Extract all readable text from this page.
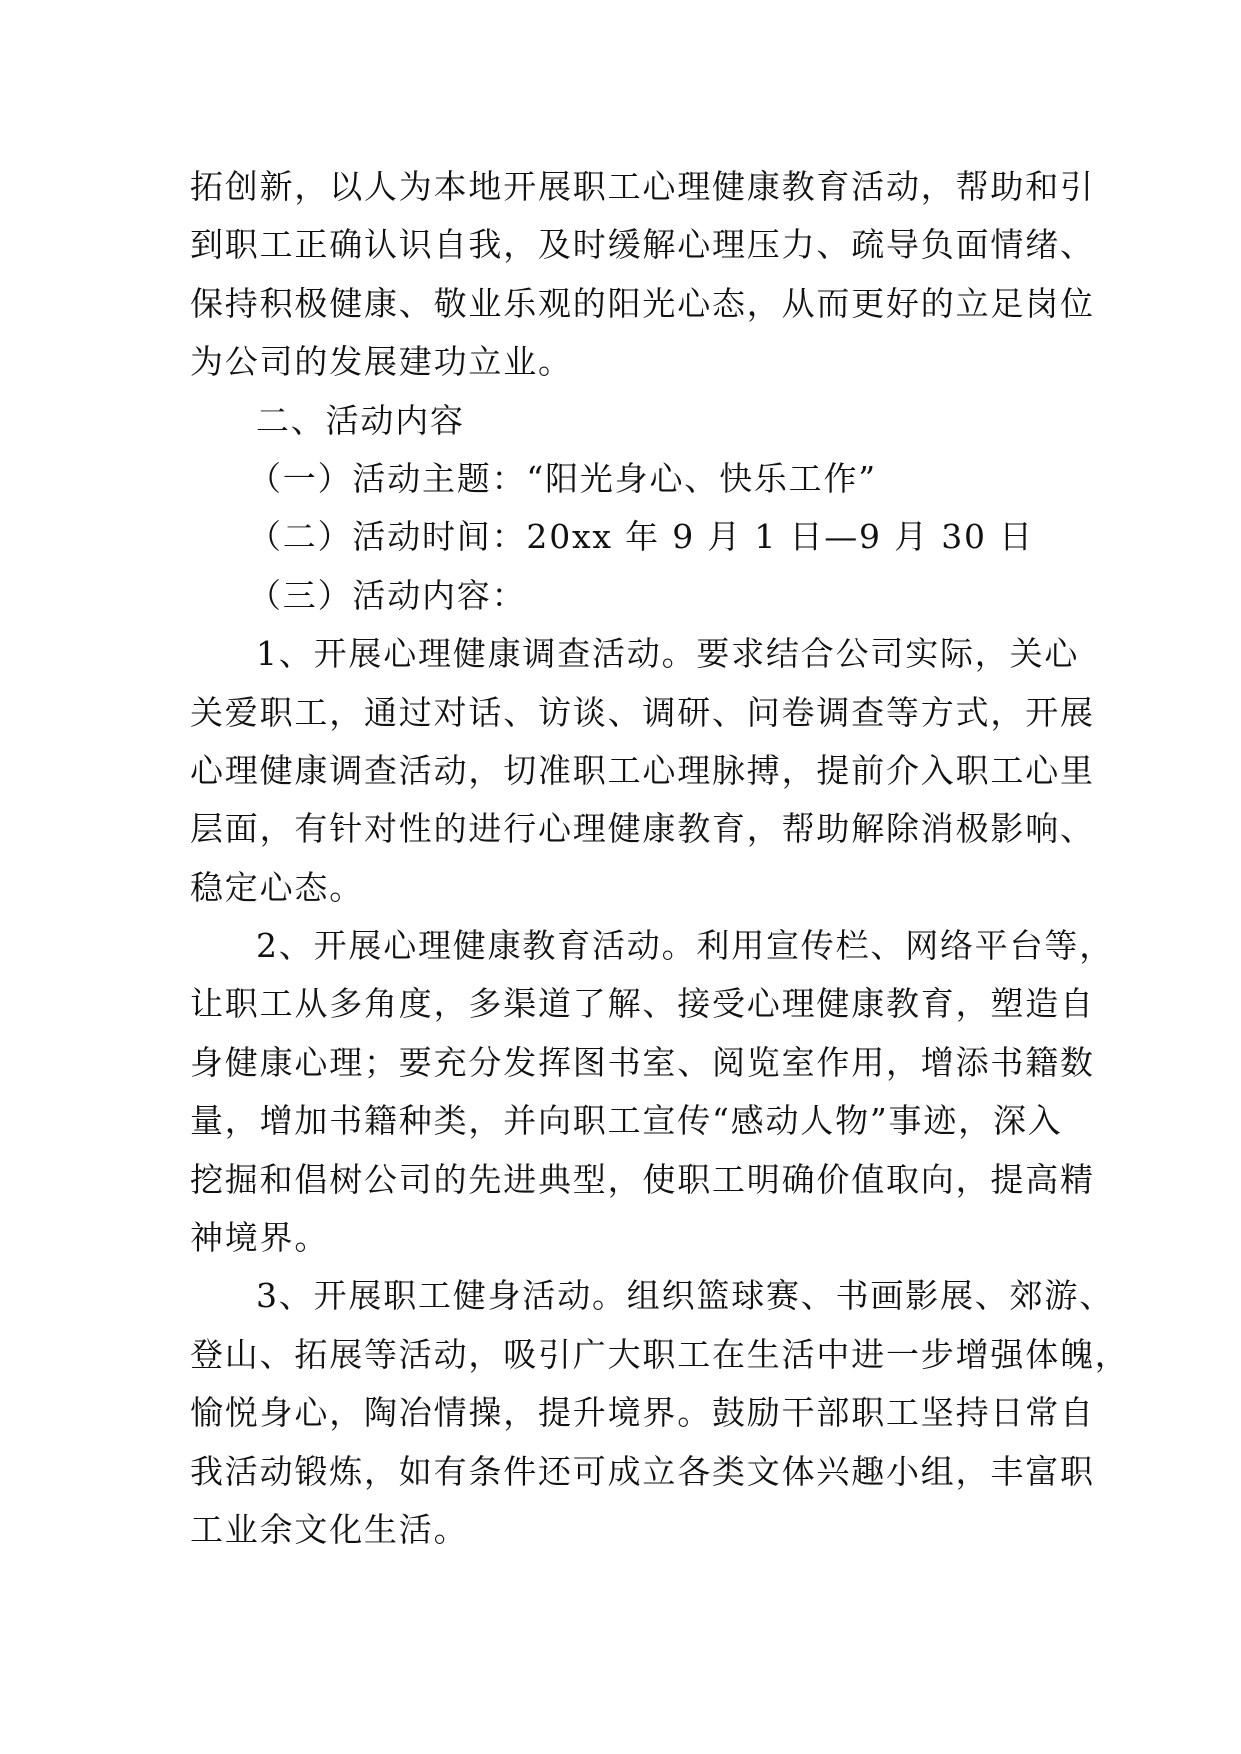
拓创新，以人为本地开展职工心理健康教育活动，帮助和引
到职工正确认识自我，及时缓解心理压力、疏导负面情绪、
保持积极健康、敬业乐观的阳光心态，从而更好的立足岗位
为公司的发展建功立业。
二、活动内容
（一）活动主题：“阳光身心、快乐工作”
（二）活动时间：20xx 年 9 月 1 日—9 月 30 日
（三）活动内容：
1、开展心理健康调查活动。要求结合公司实际，关心
关爱职工，通过对话、访谈、调研、问卷调查等方式，开展
心理健康调查活动，切准职工心理脉搏，提前介入职工心里
层面，有针对性的进行心理健康教育，帮助解除消极影响、
稳定心态。
2、开展心理健康教育活动。利用宣传栏、网络平台等，
让职工从多角度，多渠道了解、接受心理健康教育，塑造自
身健康心理；要充分发挥图书室、阅览室作用，增添书籍数
量，增加书籍种类，并向职工宣传“感动人物”事迹，深入
挖掘和倡树公司的先进典型，使职工明确价值取向，提高精
神境界。
3、开展职工健身活动。组织篮球赛、书画影展、郊游、
登山、拓展等活动，吸引广大职工在生活中进一步增强体魄，
愉悦身心，陶冶情操，提升境界。鼓励干部职工坚持日常自
我活动锻炼，如有条件还可成立各类文体兴趣小组，丰富职
工业余文化生活。
